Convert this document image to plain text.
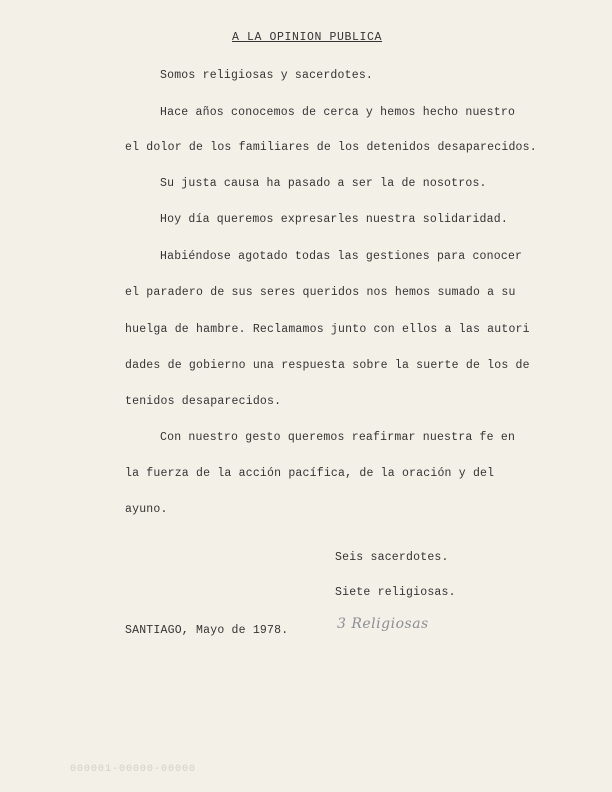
A LA OPINION PUBLICA
Somos religiosas y sacerdotes.
Hace años conocemos de cerca y hemos hecho nuestro
el dolor de los familiares de los detenidos desaparecidos.
Su justa causa ha pasado a ser la de nosotros.
Hoy día queremos expresarles nuestra solidaridad.
Habiéndose agotado todas las gestiones para conocer
el paradero de sus seres queridos nos hemos sumado a su
huelga de hambre. Reclamamos junto con ellos a las autori
dades de gobierno una respuesta sobre la suerte de los de
tenidos desaparecidos.
Con nuestro gesto queremos reafirmar nuestra fe en
la fuerza de la acción pacífica, de la oración y del
ayuno.
Seis sacerdotes.
Siete religiosas.
SANTIAGO, Mayo de 1978.	3 Religiosas
000001-00000-00000
